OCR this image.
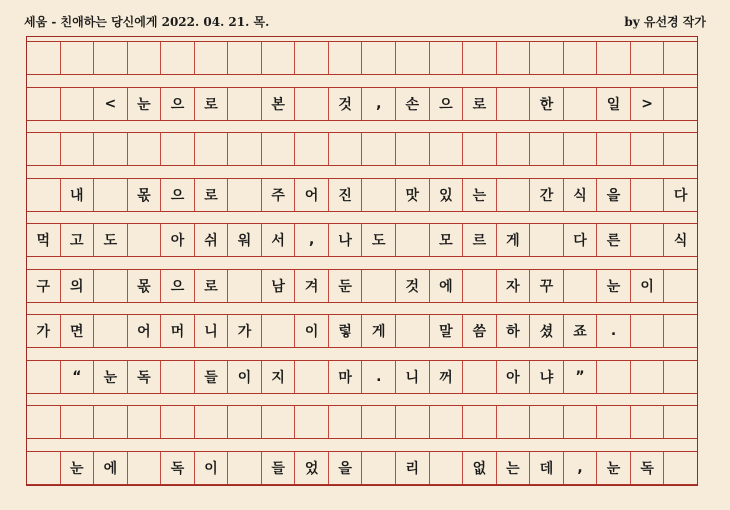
세움 - 친애하는 당신에게 2022. 04. 21. 목.	by 유선경 작가
<	눈	으	로	본	것	,	손	으	로	한	일	>
내	몫	으	로	주	어	진	맛	있	는	간	식	을	다
먹	고	도	아	쉬	워	서	,	나	도	모	르	게	다	른	식
구	의	몫	으	로	남	겨	둔	것	에	자	꾸	눈	이
가	면	어	머	니	가	이	렇	게	말	씀	하	셨	죠	.
“	눈	독	들	이	지	마	.	니	꺼	아	냐	”
눈	에	독	이	들	었	을	리	없	는	데	,	눈	독
